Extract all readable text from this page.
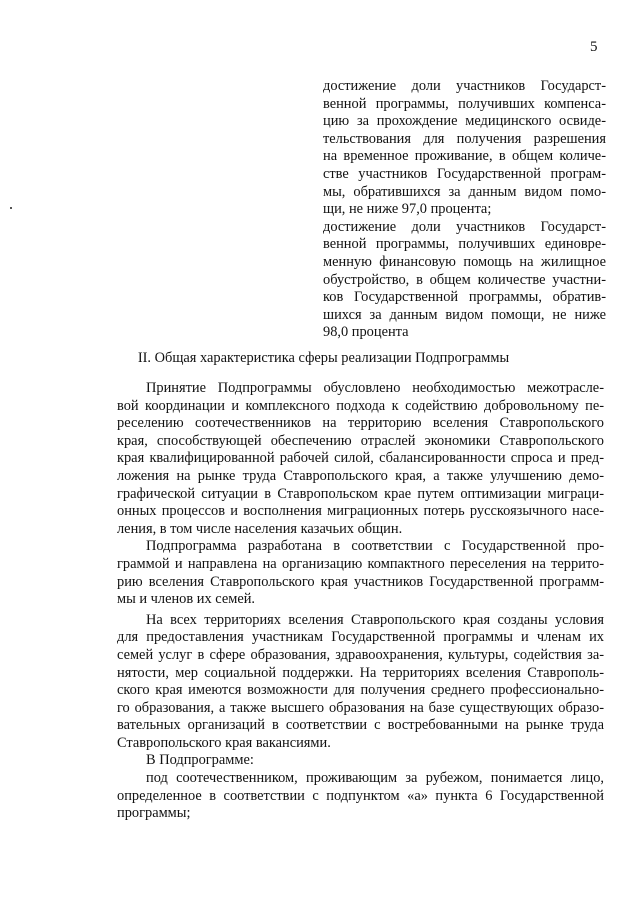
5
достижение доли участников Государст-
венной программы, получивших компенса-
цию за прохождение медицинского освиде-
тельствования для получения разрешения
на временное проживание, в общем количе-
стве участников Государственной програм-
мы, обратившихся за данным видом помо-
щи, не ниже 97,0 процента;
достижение доли участников Государст-
венной программы, получивших единовре-
менную финансовую помощь на жилищное
обустройство, в общем количестве участни-
ков Государственной программы, обратив-
шихся за данным видом помощи, не ниже
98,0 процента
II. Общая характеристика сферы реализации Подпрограммы
Принятие Подпрограммы обусловлено необходимостью межотрасле-
вой координации и комплексного подхода к содействию добровольному пе-
реселению соотечественников на территорию вселения Ставропольского
края, способствующей обеспечению отраслей экономики Ставропольского
края квалифицированной рабочей силой, сбалансированности спроса и пред-
ложения на рынке труда Ставропольского края, а также улучшению демо-
графической ситуации в Ставропольском крае путем оптимизации миграци-
онных процессов и восполнения миграционных потерь русскоязычного насе-
ления, в том числе населения казачьих общин.
Подпрограмма разработана в соответствии с Государственной про-
граммой и направлена на организацию компактного переселения на террито-
рию вселения Ставропольского края участников Государственной программ-
мы и членов их семей.
На всех территориях вселения Ставропольского края созданы условия
для предоставления участникам Государственной программы и членам их
семей услуг в сфере образования, здравоохранения, культуры, содействия за-
нятости, мер социальной поддержки. На территориях вселения Ставрополь-
ского края имеются возможности для получения среднего профессионально-
го образования, а также высшего образования на базе существующих образо-
вательных организаций в соответствии с востребованными на рынке труда
Ставропольского края вакансиями.
В Подпрограмме:
под соотечественником, проживающим за рубежом, понимается лицо,
определенное в соответствии с подпунктом «а» пункта 6 Государственной
программы;
